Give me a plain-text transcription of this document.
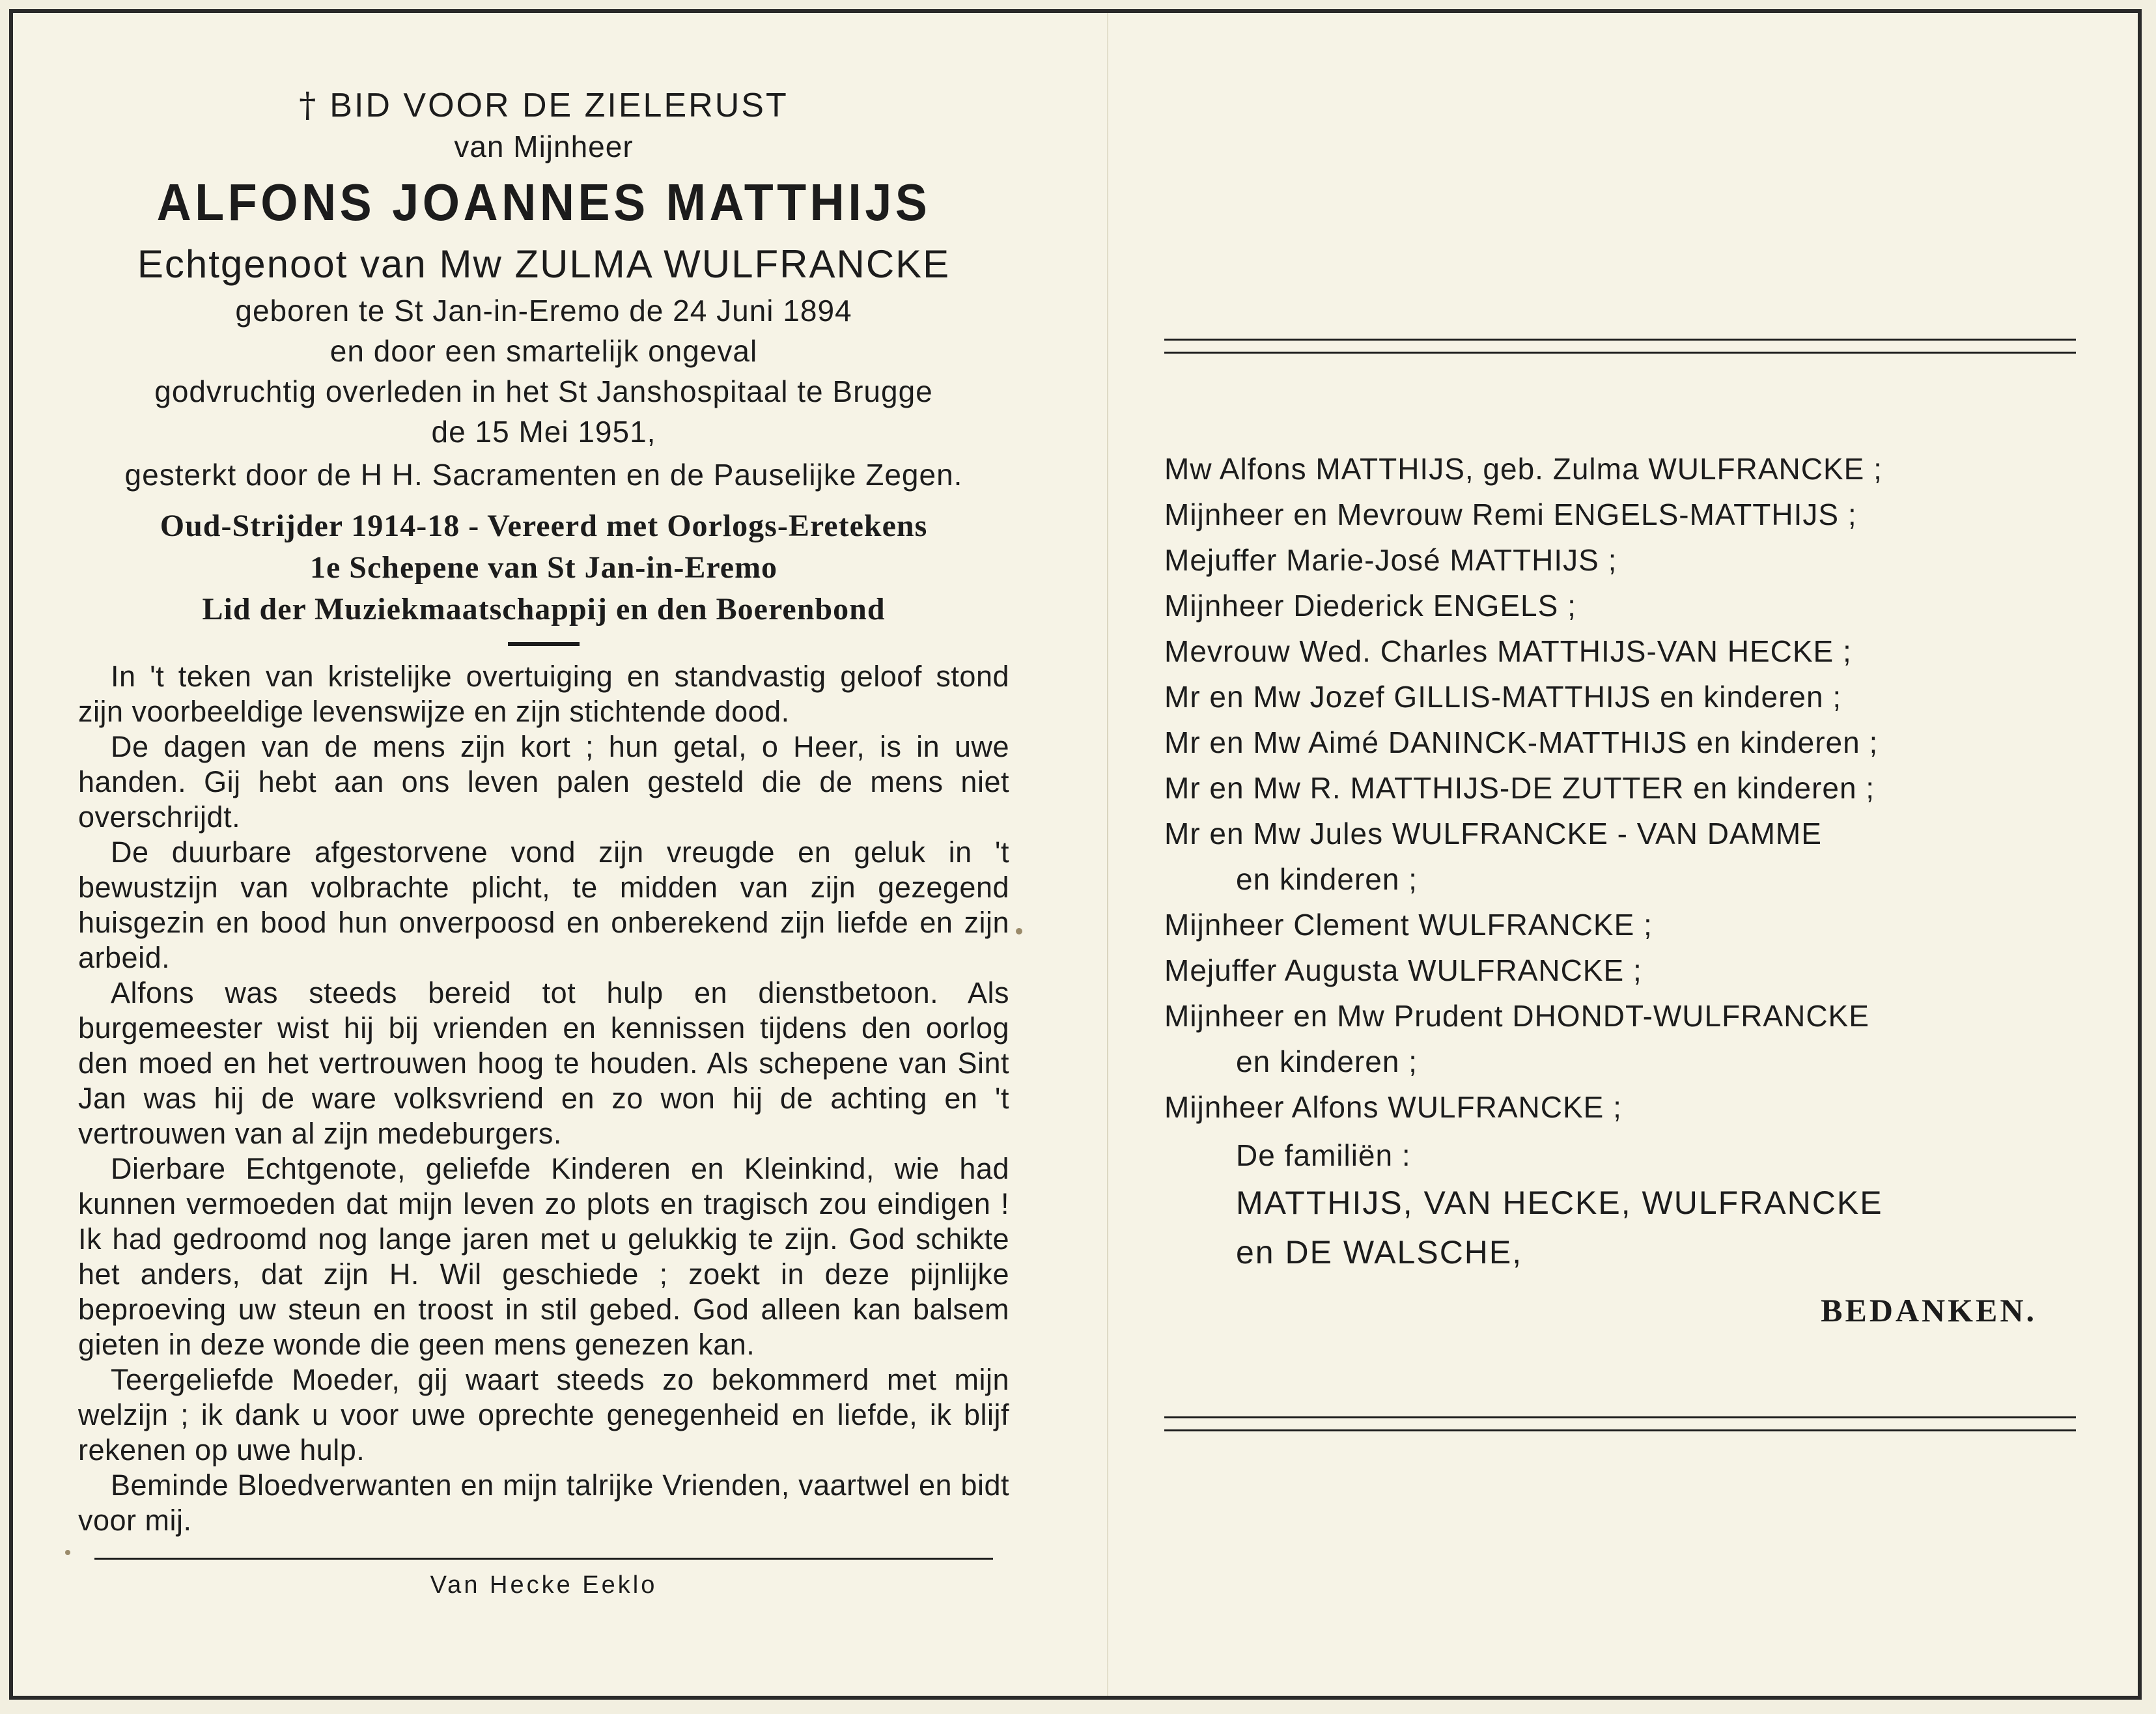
† BID VOOR DE ZIELERUST
van Mijnheer
ALFONS JOANNES MATTHIJS
Echtgenoot van Mw ZULMA WULFRANCKE
geboren te St Jan-in-Eremo de 24 Juni 1894
en door een smartelijk ongeval
godvruchtig overleden in het St Janshospitaal te Brugge
de 15 Mei 1951,
gesterkt door de H H. Sacramenten en de Pauselijke Zegen.
Oud-Strijder 1914-18 - Vereerd met Oorlogs-Eretekens
1e Schepene van St Jan-in-Eremo
Lid der Muziekmaatschappij en den Boerenbond

In 't teken van kristelijke overtuiging en standvastig geloof stond zijn voorbeeldige levenswijze en zijn stichtende dood.

De dagen van de mens zijn kort ; hun getal, o Heer, is in uwe handen. Gij hebt aan ons leven palen gesteld die de mens niet overschrijdt.

De duurbare afgestorvene vond zijn vreugde en geluk in 't bewustzijn van volbrachte plicht, te midden van zijn gezegend huisgezin en bood hun onverpoosd en onberekend zijn liefde en zijn arbeid.

Alfons was steeds bereid tot hulp en dienstbetoon. Als burgemeester wist hij bij vrienden en kennissen tijdens den oorlog den moed en het vertrouwen hoog te houden. Als schepene van Sint Jan was hij de ware volksvriend en zo won hij de achting en 't vertrouwen van al zijn medeburgers.

Dierbare Echtgenote, geliefde Kinderen en Kleinkind, wie had kunnen vermoeden dat mijn leven zo plots en tragisch zou eindigen ! Ik had gedroomd nog lange jaren met u gelukkig te zijn. God schikte het anders, dat zijn H. Wil geschiede ; zoekt in deze pijnlijke beproeving uw steun en troost in stil gebed. God alleen kan balsem gieten in deze wonde die geen mens genezen kan.

Teergeliefde Moeder, gij waart steeds zo bekommerd met mijn welzijn ; ik dank u voor uwe oprechte genegenheid en liefde, ik blijf rekenen op uwe hulp.

Beminde Bloedverwanten en mijn talrijke Vrienden, vaartwel en bidt voor mij.

Van Hecke Eeklo
Mw Alfons MATTHIJS, geb. Zulma WULFRANCKE ;
Mijnheer en Mevrouw Remi ENGELS-MATTHIJS ;
Mejuffer Marie-José MATTHIJS ;
Mijnheer Diederick ENGELS ;
Mevrouw Wed. Charles MATTHIJS-VAN HECKE ;
Mr en Mw Jozef GILLIS-MATTHIJS en kinderen ;
Mr en Mw Aimé DANINCK-MATTHIJS en kinderen ;
Mr en Mw R. MATTHIJS-DE ZUTTER en kinderen ;
Mr en Mw Jules WULFRANCKE - VAN DAMME
en kinderen ;
Mijnheer Clement WULFRANCKE ;
Mejuffer Augusta WULFRANCKE ;
Mijnheer en Mw Prudent DHONDT-WULFRANCKE
en kinderen ;
Mijnheer Alfons WULFRANCKE ;
De familiën :
MATTHIJS, VAN HECKE, WULFRANCKE
en DE WALSCHE,
BEDANKEN.
